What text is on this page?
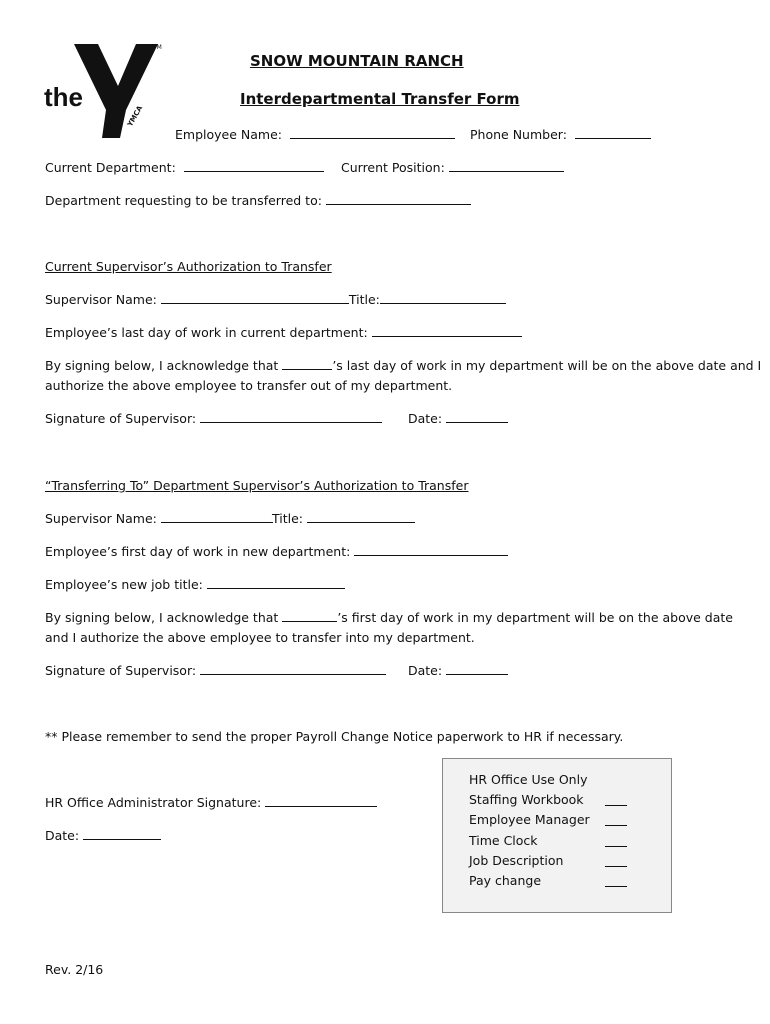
the
TM
YMCA
SNOW MOUNTAIN RANCH
Interdepartmental Transfer Form
Employee Name:	Phone Number:
Current Department:	Current Position:
Department requesting to be transferred to:
Current Supervisor’s Authorization to Transfer
Supervisor Name:	Title:
Employee’s last day of work in current department:
By signing below, I acknowledge that	’s last day of work in my department will be on the above date and I
authorize the above employee to transfer out of my department.
Signature of Supervisor:	Date:
“Transferring To” Department Supervisor’s Authorization to Transfer
Supervisor Name:	Title:
Employee’s first day of work in new department:
Employee’s new job title:
By signing below, I acknowledge that	’s first day of work in my department will be on the above date
and I authorize the above employee to transfer into my department.
Signature of Supervisor:	Date:
** Please remember to send the proper Payroll Change Notice paperwork to HR if necessary.
HR Office Administrator Signature:
Date:
HR Office Use Only
Staffing Workbook
Employee Manager
Time Clock
Job Description
Pay change
Rev. 2/16
